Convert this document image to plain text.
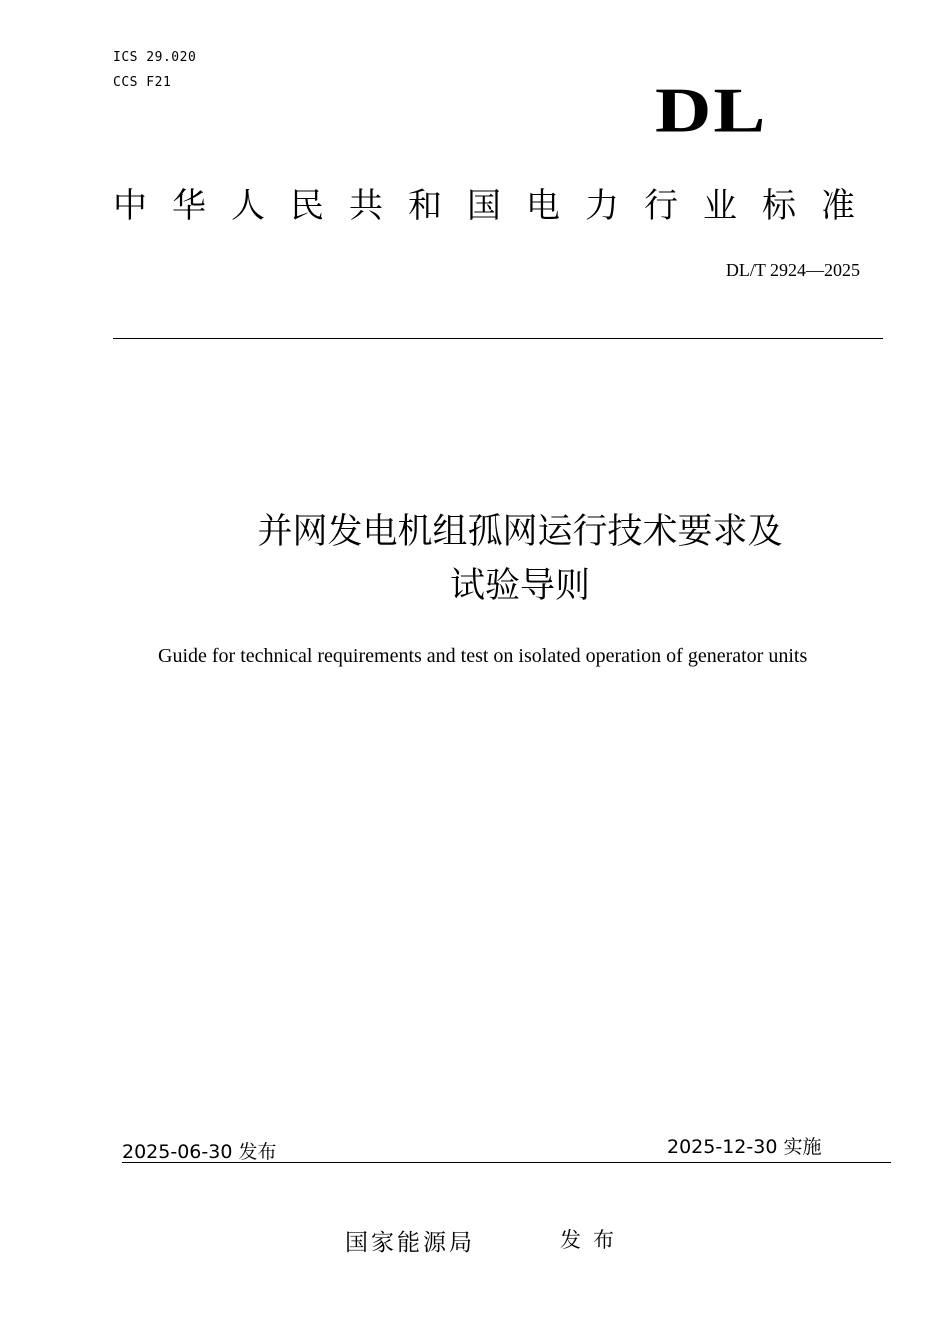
ICS 29.020
CCS F21	DL
中华人民共和国电力行业标准
DL/T 2924—2025
并网发电机组孤网运行技术要求及
试验导则
Guide for technical requirements and test on isolated operation of generator units
2025-06-30 发布	2025-12-30 实施
国家能源局	发布
